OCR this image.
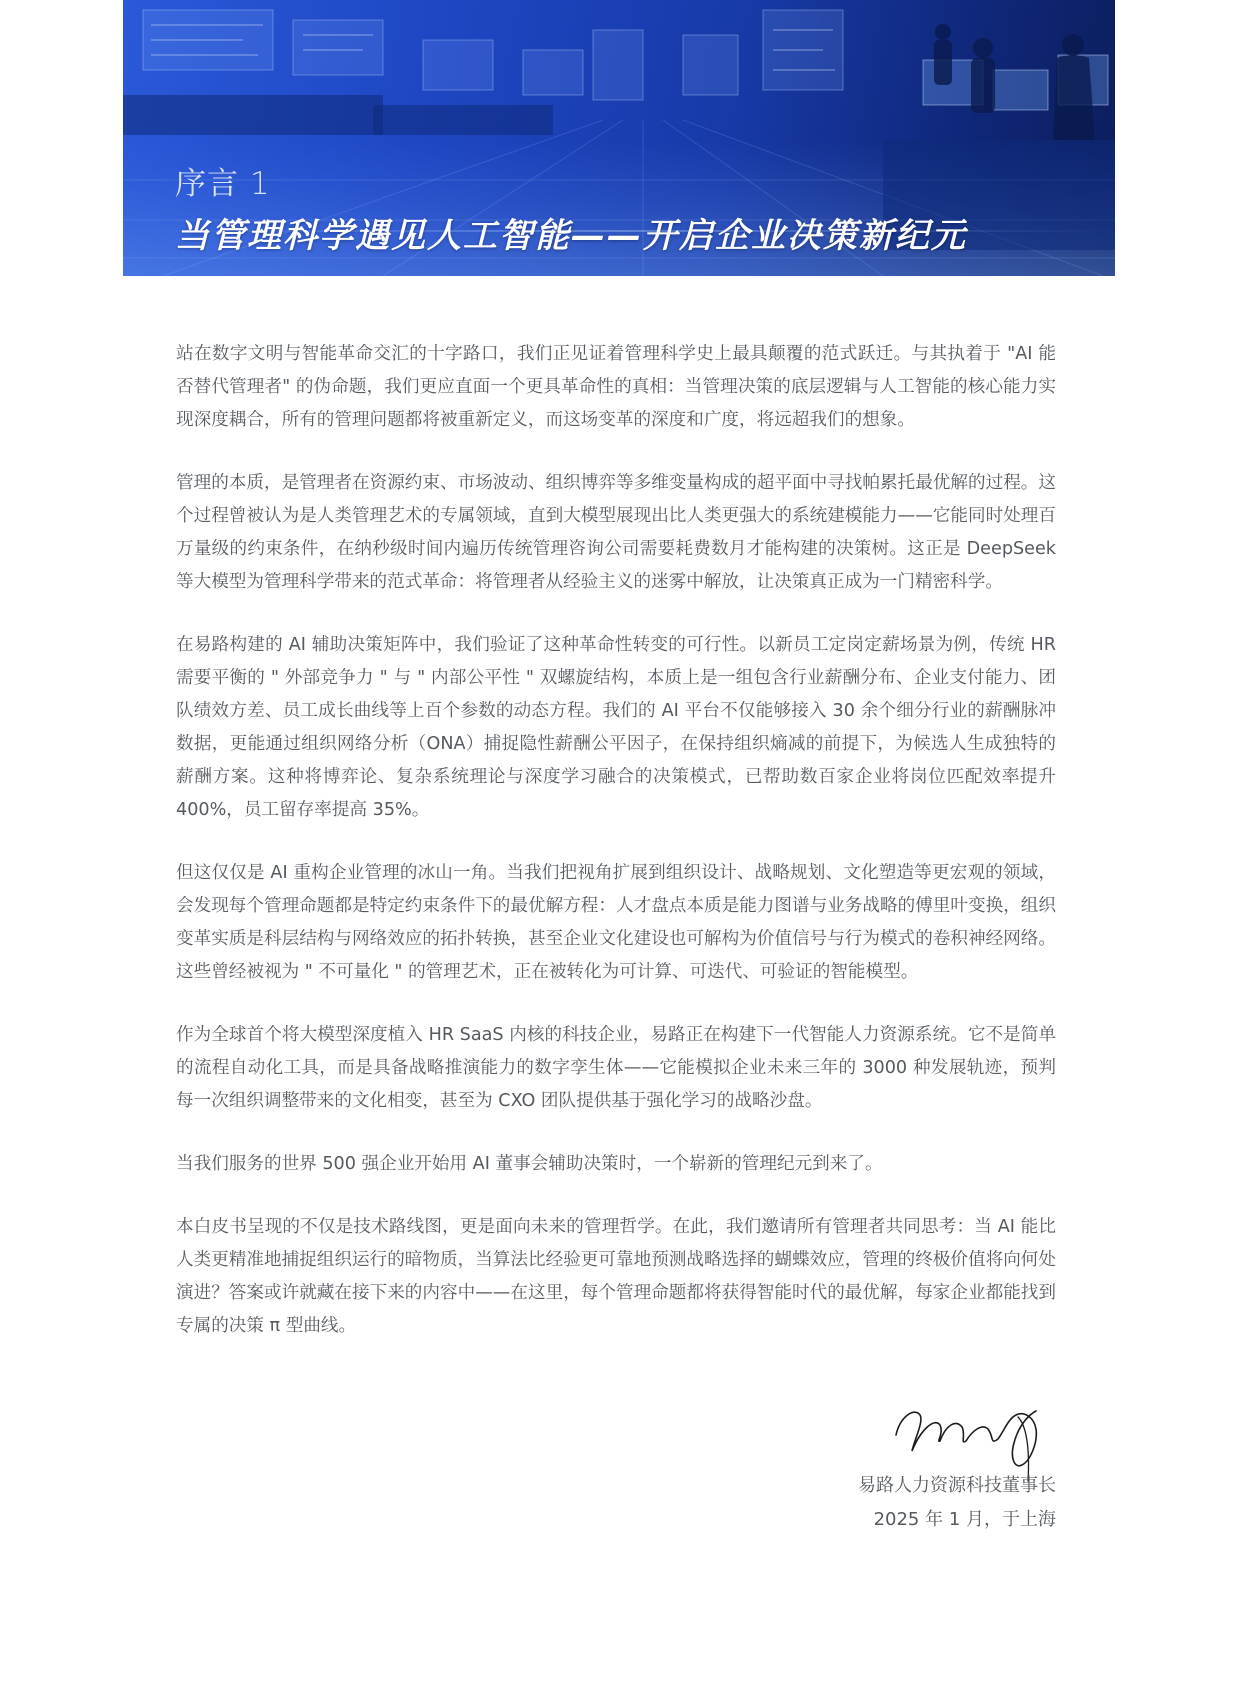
序言 1
当管理科学遇见人工智能——开启企业决策新纪元

站在数字文明与智能革命交汇的十字路口，我们正见证着管理科学史上最具颠覆的范式跃迁。与其执着于 "AI 能否替代管理者" 的伪命题，我们更应直面一个更具革命性的真相：当管理决策的底层逻辑与人工智能的核心能力实现深度耦合，所有的管理问题都将被重新定义，而这场变革的深度和广度，将远超我们的想象。

管理的本质，是管理者在资源约束、市场波动、组织博弈等多维变量构成的超平面中寻找帕累托最优解的过程。这个过程曾被认为是人类管理艺术的专属领域，直到大模型展现出比人类更强大的系统建模能力——它能同时处理百万量级的约束条件，在纳秒级时间内遍历传统管理咨询公司需要耗费数月才能构建的决策树。这正是 DeepSeek 等大模型为管理科学带来的范式革命：将管理者从经验主义的迷雾中解放，让决策真正成为一门精密科学。

在易路构建的 AI 辅助决策矩阵中，我们验证了这种革命性转变的可行性。以新员工定岗定薪场景为例，传统 HR 需要平衡的 " 外部竞争力 " 与 " 内部公平性 " 双螺旋结构，本质上是一组包含行业薪酬分布、企业支付能力、团队绩效方差、员工成长曲线等上百个参数的动态方程。我们的 AI 平台不仅能够接入 30 余个细分行业的薪酬脉冲数据，更能通过组织网络分析（ONA）捕捉隐性薪酬公平因子，在保持组织熵减的前提下，为候选人生成独特的薪酬方案。这种将博弈论、复杂系统理论与深度学习融合的决策模式，已帮助数百家企业将岗位匹配效率提升 400%，员工留存率提高 35%。

但这仅仅是 AI 重构企业管理的冰山一角。当我们把视角扩展到组织设计、战略规划、文化塑造等更宏观的领域，会发现每个管理命题都是特定约束条件下的最优解方程：人才盘点本质是能力图谱与业务战略的傅里叶变换，组织变革实质是科层结构与网络效应的拓扑转换，甚至企业文化建设也可解构为价值信号与行为模式的卷积神经网络。这些曾经被视为 " 不可量化 " 的管理艺术，正在被转化为可计算、可迭代、可验证的智能模型。

作为全球首个将大模型深度植入 HR SaaS 内核的科技企业，易路正在构建下一代智能人力资源系统。它不是简单的流程自动化工具，而是具备战略推演能力的数字孪生体——它能模拟企业未来三年的 3000 种发展轨迹，预判每一次组织调整带来的文化相变，甚至为 CXO 团队提供基于强化学习的战略沙盘。

当我们服务的世界 500 强企业开始用 AI 董事会辅助决策时，一个崭新的管理纪元到来了。

本白皮书呈现的不仅是技术路线图，更是面向未来的管理哲学。在此，我们邀请所有管理者共同思考：当 AI 能比人类更精准地捕捉组织运行的暗物质，当算法比经验更可靠地预测战略选择的蝴蝶效应，管理的终极价值将向何处演进？答案或许就藏在接下来的内容中——在这里，每个管理命题都将获得智能时代的最优解，每家企业都能找到专属的决策 π 型曲线。

易路人力资源科技董事长
2025 年 1 月，于上海
